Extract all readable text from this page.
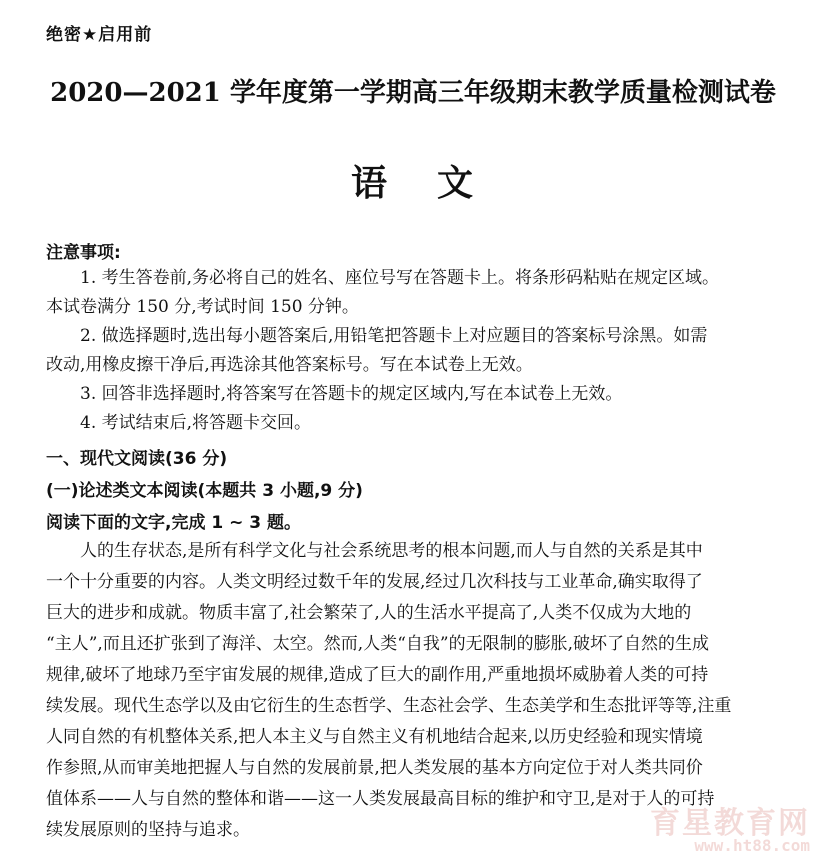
绝密★启用前
2020—2021 学年度第一学期高三年级期末教学质量检测试卷
语文
注意事项:
1. 考生答卷前,务必将自己的姓名、座位号写在答题卡上。将条形码粘贴在规定区域。
本试卷满分 150 分,考试时间 150 分钟。
2. 做选择题时,选出每小题答案后,用铅笔把答题卡上对应题目的答案标号涂黑。如需
改动,用橡皮擦干净后,再选涂其他答案标号。写在本试卷上无效。
3. 回答非选择题时,将答案写在答题卡的规定区域内,写在本试卷上无效。
4. 考试结束后,将答题卡交回。
一、现代文阅读(36 分)
(一)论述类文本阅读(本题共 3 小题,9 分)
阅读下面的文字,完成 1 ~ 3 题。
人的生存状态,是所有科学文化与社会系统思考的根本问题,而人与自然的关系是其中
一个十分重要的内容。人类文明经过数千年的发展,经过几次科技与工业革命,确实取得了
巨大的进步和成就。物质丰富了,社会繁荣了,人的生活水平提高了,人类不仅成为大地的
“主人”,而且还扩张到了海洋、太空。然而,人类“自我”的无限制的膨胀,破坏了自然的生成
规律,破坏了地球乃至宇宙发展的规律,造成了巨大的副作用,严重地损坏威胁着人类的可持
续发展。现代生态学以及由它衍生的生态哲学、生态社会学、生态美学和生态批评等等,注重
人同自然的有机整体关系,把人本主义与自然主义有机地结合起来,以历史经验和现实情境
作参照,从而审美地把握人与自然的发展前景,把人类发展的基本方向定位于对人类共同价
值体系——人与自然的整体和谐——这一人类发展最高目标的维护和守卫,是对于人的可持
续发展原则的坚持与追求。	育星教育网
www.ht88.com
